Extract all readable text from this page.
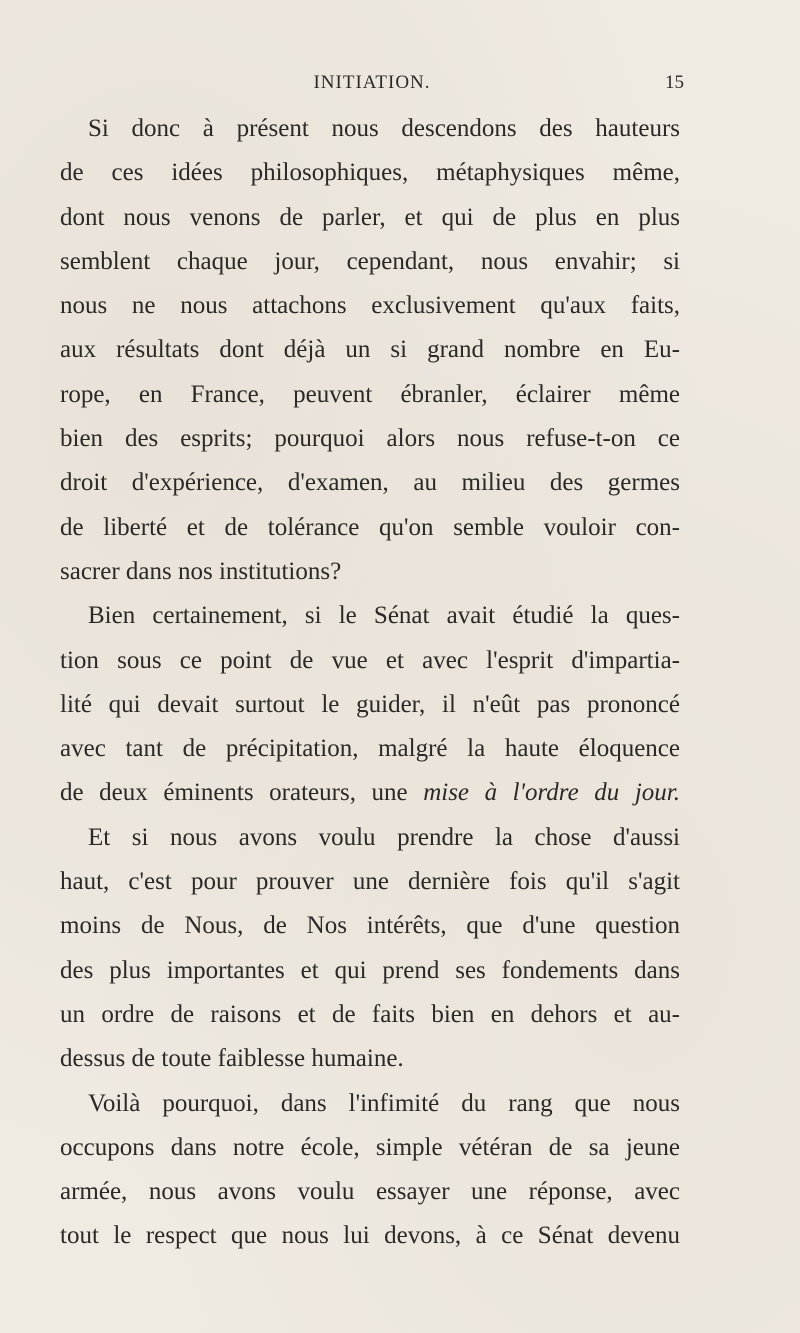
INITIATION.	15
Si donc à présent nous descendons des hauteurs
de ces idées philosophiques, métaphysiques même,
dont nous venons de parler, et qui de plus en plus
semblent chaque jour, cependant, nous envahir; si
nous ne nous attachons exclusivement qu'aux faits,
aux résultats dont déjà un si grand nombre en Eu-
rope, en France, peuvent ébranler, éclairer même
bien des esprits; pourquoi alors nous refuse-t-on ce
droit d'expérience, d'examen, au milieu des germes
de liberté et de tolérance qu'on semble vouloir con-
sacrer dans nos institutions?
Bien certainement, si le Sénat avait étudié la ques-
tion sous ce point de vue et avec l'esprit d'impartia-
lité qui devait surtout le guider, il n'eût pas prononcé
avec tant de précipitation, malgré la haute éloquence
de deux éminents orateurs, une mise à l'ordre du jour.
Et si nous avons voulu prendre la chose d'aussi
haut, c'est pour prouver une dernière fois qu'il s'agit
moins de Nous, de Nos intérêts, que d'une question
des plus importantes et qui prend ses fondements dans
un ordre de raisons et de faits bien en dehors et au-
dessus de toute faiblesse humaine.
Voilà pourquoi, dans l'infimité du rang que nous
occupons dans notre école, simple vétéran de sa jeune
armée, nous avons voulu essayer une réponse, avec
tout le respect que nous lui devons, à ce Sénat devenu
